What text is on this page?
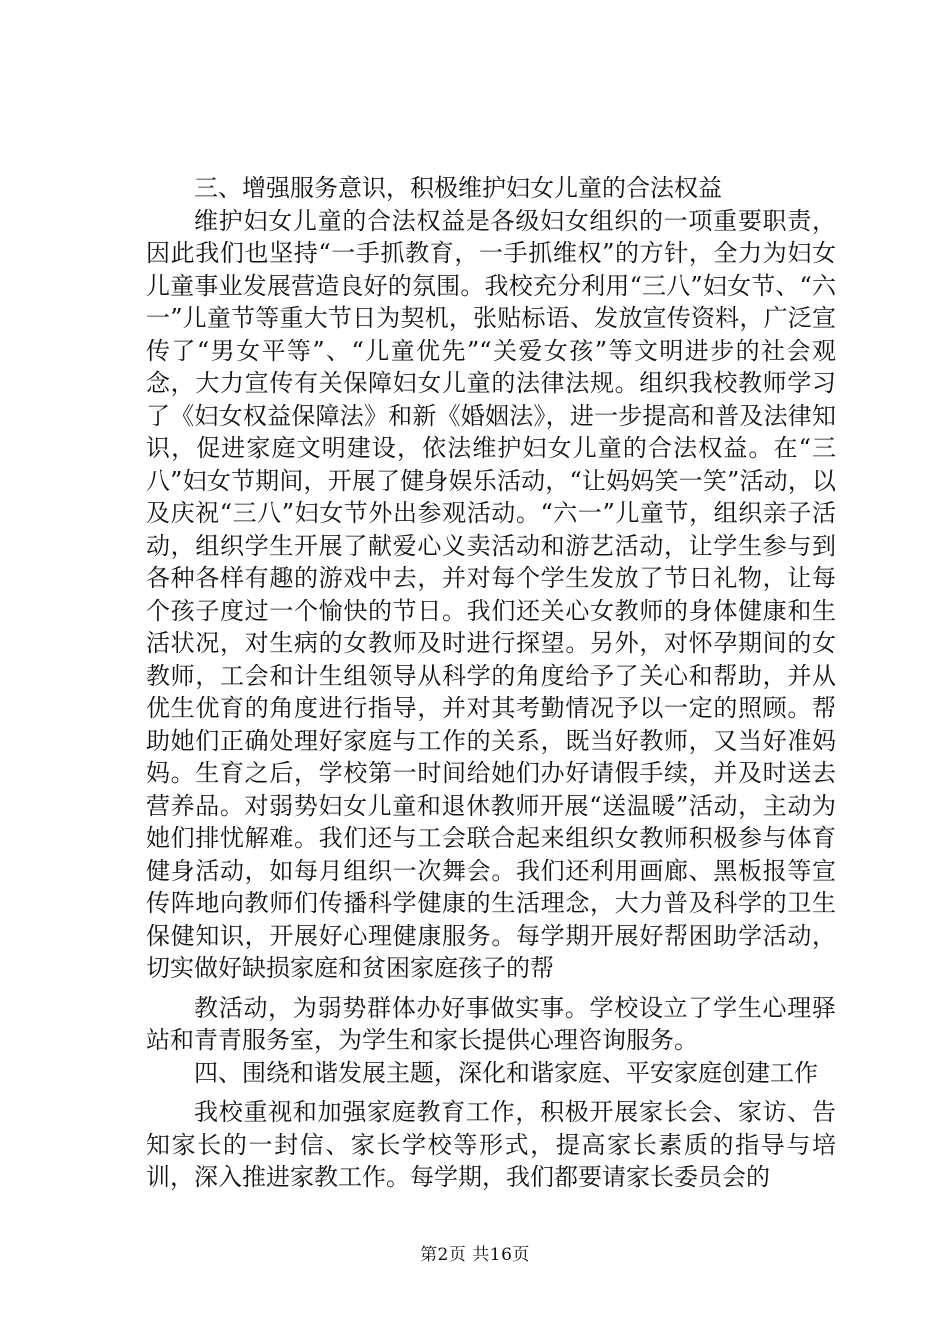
三、增强服务意识，积极维护妇女儿童的合法权益

维护妇女儿童的合法权益是各级妇女组织的一项重要职责，因此我们也坚持“一手抓教育，一手抓维权”的方针，全力为妇女儿童事业发展营造良好的氛围。我校充分利用“三八”妇女节、“六一”儿童节等重大节日为契机，张贴标语、发放宣传资料，广泛宣传了“男女平等”、“儿童优先”“关爱女孩”等文明进步的社会观念，大力宣传有关保障妇女儿童的法律法规。组织我校教师学习了《妇女权益保障法》和新《婚姻法》，进一步提高和普及法律知识，促进家庭文明建设，依法维护妇女儿童的合法权益。在“三八”妇女节期间，开展了健身娱乐活动，“让妈妈笑一笑”活动，以及庆祝“三八”妇女节外出参观活动。“六一”儿童节，组织亲子活动，组织学生开展了献爱心义卖活动和游艺活动，让学生参与到各种各样有趣的游戏中去，并对每个学生发放了节日礼物，让每个孩子度过一个愉快的节日。我们还关心女教师的身体健康和生活状况，对生病的女教师及时进行探望。另外，对怀孕期间的女教师，工会和计生组领导从科学的角度给予了关心和帮助，并从优生优育的角度进行指导，并对其考勤情况予以一定的照顾。帮助她们正确处理好家庭与工作的关系，既当好教师，又当好准妈妈。生育之后，学校第一时间给她们办好请假手续，并及时送去营养品。对弱势妇女儿童和退休教师开展“送温暖”活动，主动为她们排忧解难。我们还与工会联合起来组织女教师积极参与体育健身活动，如每月组织一次舞会。我们还利用画廊、黑板报等宣传阵地向教师们传播科学健康的生活理念，大力普及科学的卫生保健知识，开展好心理健康服务。每学期开展好帮困助学活动，切实做好缺损家庭和贫困家庭孩子的帮

教活动，为弱势群体办好事做实事。学校设立了学生心理驿站和青青服务室，为学生和家长提供心理咨询服务。

四、围绕和谐发展主题，深化和谐家庭、平安家庭创建工作

我校重视和加强家庭教育工作，积极开展家长会、家访、告知家长的一封信、家长学校等形式，提高家长素质的指导与培训，深入推进家教工作。每学期，我们都要请家长委员会的

第2页 共16页
